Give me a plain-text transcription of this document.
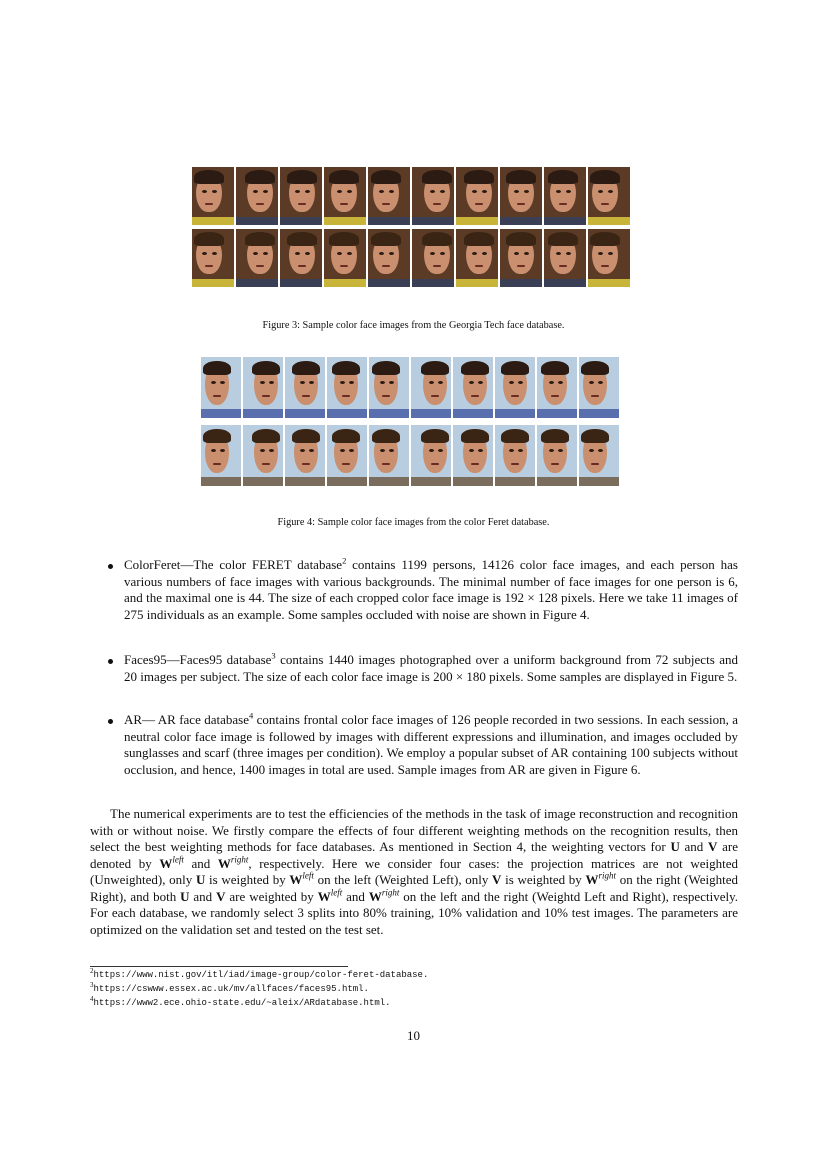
Figure 3: Sample color face images from the Georgia Tech face database.
Figure 4: Sample color face images from the color Feret database.

ColorFeret—The color FERET database$^2$ contains 1199 persons, 14126 color face images, and each person has various numbers of face images with various backgrounds. The minimal number of face images for one person is 6, and the maximal one is 44. The size of each cropped color face image is 192 × 128 pixels. Here we take 11 images of 275 individuals as an example. Some samples occluded with noise are shown in Figure 4.

Faces95—Faces95 database$^3$ contains 1440 images photographed over a uniform background from 72 subjects and 20 images per subject. The size of each color face image is 200 × 180 pixels. Some samples are displayed in Figure 5.

AR— AR face database$^4$ contains frontal color face images of 126 people recorded in two sessions. In each session, a neutral color face image is followed by images with different expressions and illumination, and images occluded by sunglasses and scarf (three images per condition). We employ a popular subset of AR containing 100 subjects without occlusion, and hence, 1400 images in total are used. Sample images from AR are given in Figure 6.

The numerical experiments are to test the efficiencies of the methods in the task of image reconstruction and recognition with or without noise. We firstly compare the effects of four different weighting methods on the recognition results, then select the best weighting methods for face databases. As mentioned in Section 4, the weighting vectors for U and V are denoted by $W^{left}$ and $W^{right}$, respectively. Here we consider four cases: the projection matrices are not weighted (Unweighted), only U is weighted by $W^{left}$ on the left (Weighted Left), only V is weighted by $W^{right}$ on the right (Weighted Right), and both U and V are weighted by $W^{left}$ and $W^{right}$ on the left and the right (Weightd Left and Right), respectively. For each database, we randomly select 3 splits into 80% training, 10% validation and 10% test images. The parameters are optimized on the validation set and tested on the test set.

$^2$https://www.nist.gov/itl/iad/image-group/color-feret-database.
$^3$https://cswww.essex.ac.uk/mv/allfaces/faces95.html.
$^4$https://www2.ece.ohio-state.edu/~aleix/ARdatabase.html.
10
